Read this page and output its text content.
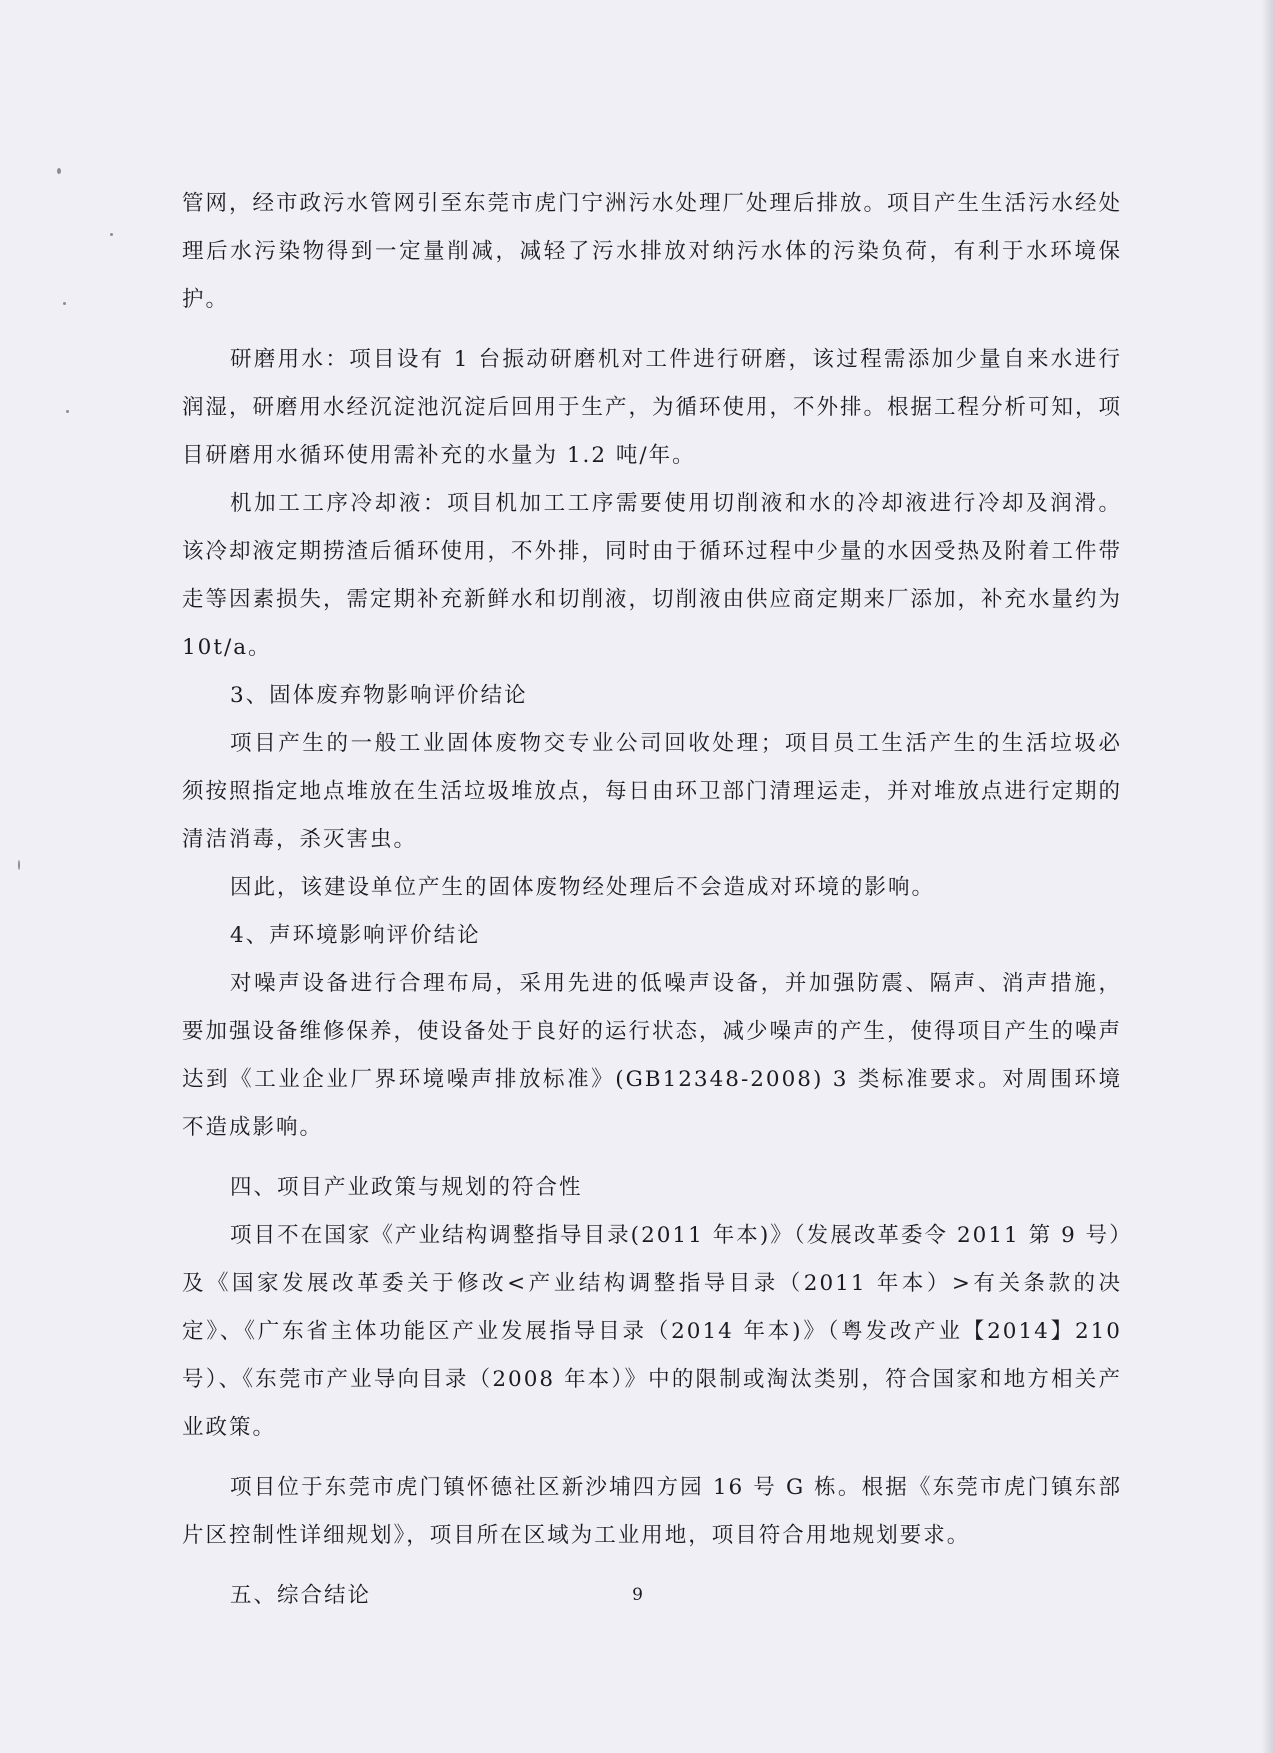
管网，经市政污水管网引至东莞市虎门宁洲污水处理厂处理后排放。项目产生生活污水经处理后水污染物得到一定量削减，减轻了污水排放对纳污水体的污染负荷，有利于水环境保护。

研磨用水：项目设有 1 台振动研磨机对工件进行研磨，该过程需添加少量自来水进行润湿，研磨用水经沉淀池沉淀后回用于生产，为循环使用，不外排。根据工程分析可知，项目研磨用水循环使用需补充的水量为 1.2 吨/年。

机加工工序冷却液：项目机加工工序需要使用切削液和水的冷却液进行冷却及润滑。该冷却液定期捞渣后循环使用，不外排，同时由于循环过程中少量的水因受热及附着工件带走等因素损失，需定期补充新鲜水和切削液，切削液由供应商定期来厂添加，补充水量约为10t/a。

3、固体废弃物影响评价结论

项目产生的一般工业固体废物交专业公司回收处理；项目员工生活产生的生活垃圾必须按照指定地点堆放在生活垃圾堆放点，每日由环卫部门清理运走，并对堆放点进行定期的清洁消毒，杀灭害虫。

因此，该建设单位产生的固体废物经处理后不会造成对环境的影响。

4、声环境影响评价结论

对噪声设备进行合理布局，采用先进的低噪声设备，并加强防震、隔声、消声措施，要加强设备维修保养，使设备处于良好的运行状态，减少噪声的产生，使得项目产生的噪声达到《工业企业厂界环境噪声排放标准》(GB12348-2008) 3 类标准要求。对周围环境不造成影响。

四、项目产业政策与规划的符合性

项目不在国家《产业结构调整指导目录(2011 年本)》（发展改革委令 2011 第 9 号）及《国家发展改革委关于修改<产业结构调整指导目录（2011 年本）>有关条款的决定》、《广东省主体功能区产业发展指导目录（2014 年本)》（粤发改产业【2014】210 号）、《东莞市产业导向目录（2008 年本）》中的限制或淘汰类别，符合国家和地方相关产业政策。

项目位于东莞市虎门镇怀德社区新沙埔四方园 16 号 G 栋。根据《东莞市虎门镇东部片区控制性详细规划》，项目所在区域为工业用地，项目符合用地规划要求。

五、综合结论	9
